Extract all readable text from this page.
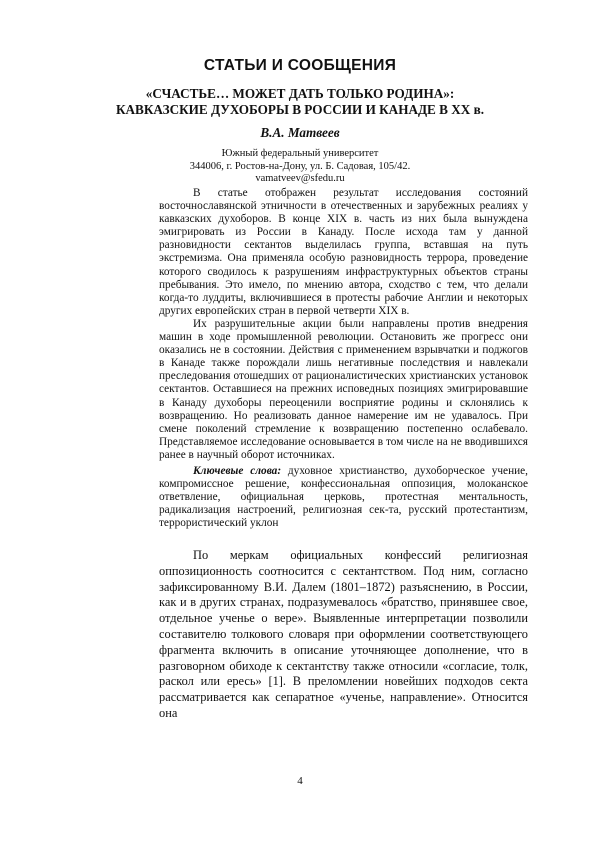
СТАТЬИ И СООБЩЕНИЯ
«СЧАСТЬЕ… МОЖЕТ ДАТЬ ТОЛЬКО РОДИНА»:
КАВКАЗСКИЕ ДУХОБОРЫ В РОССИИ И КАНАДЕ В XX в.
В.А. Матвеев
Южный федеральный университет
344006, г. Ростов-на-Дону, ул. Б. Садовая, 105/42.
vamatveev@sfedu.ru

В статье отображен результат исследования состояний восточнославянской этничности в отечественных и зарубежных реалиях у кавказских духоборов. В конце XIX в. часть из них была вынуждена эмигрировать из России в Канаду. После исхода там у данной разновидности сектантов выделилась группа, вставшая на путь экстремизма. Она применяла особую разновидность террора, проведение которого сводилось к разрушениям инфраструктурных объектов страны пребывания. Это имело, по мнению автора, сходство с тем, что делали когда-то луддиты, включившиеся в протесты рабочие Англии и некоторых других европейских стран в первой четверти XIX в.

Их разрушительные акции были направлены против внедрения машин в ходе промышленной революции. Остановить же прогресс они оказались не в состоянии. Действия с применением взрывчатки и поджогов в Канаде также порождали лишь негативные последствия и навлекали преследования отошедших от рационалистических христианских установок сектантов. Оставшиеся на прежних исповедных позициях эмигрировавшие в Канаду духоборы переоценили восприятие родины и склонялись к возвращению. Но реализовать данное намерение им не удавалось. При смене поколений стремление к возвращению постепенно ослабевало. Представляемое исследование основывается в том числе на не вводившихся ранее в научный оборот источниках.

Ключевые слова: духовное христианство, духоборческое учение, компромиссное решение, конфессиональная оппозиция, молоканское ответвление, официальная церковь, протестная ментальность, радикализация настроений, религиозная сек-та, русский протестантизм, террористический уклон

По меркам официальных конфессий религиозная оппозиционность соотносится с сектантством. Под ним, согласно зафиксированному В.И. Далем (1801–1872) разъяснению, в России, как и в других странах, подразумевалось «братство, принявшее свое, отдельное ученье о вере». Выявленные интерпретации позволили составителю толкового словаря при оформлении соответствующего фрагмента включить в описание уточняющее дополнение, что в разговорном обиходе к сектантству также относили «согласие, толк, раскол или ересь» [1]. В преломлении новейших подходов секта рассматривается как сепаратное «ученье, направление». Относится она

4
